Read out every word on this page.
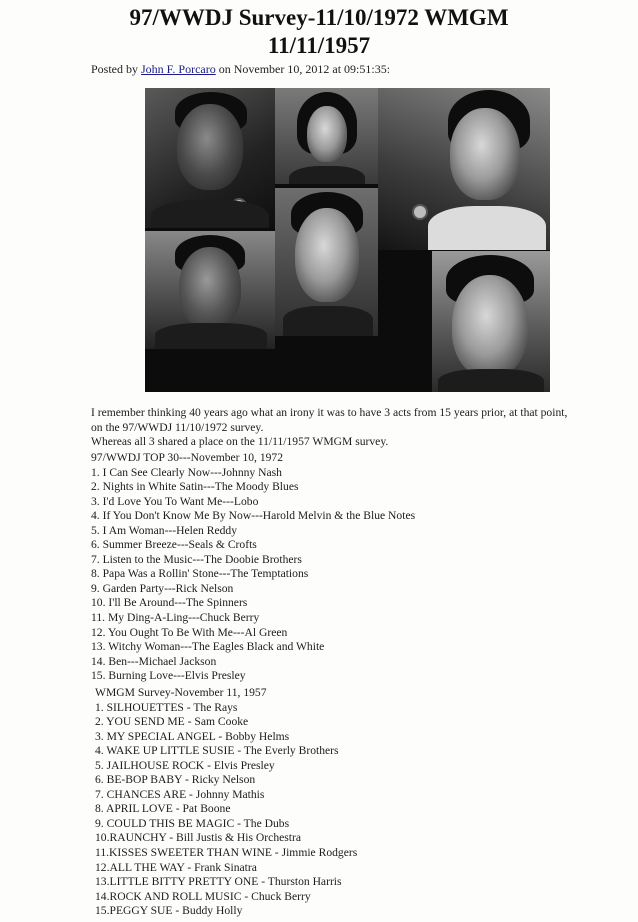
97/WWDJ Survey-11/10/1972 WMGM
11/11/1957
Posted by John F. Porcaro on November 10, 2012 at 09:51:35:
I remember thinking 40 years ago what an irony it was to have 3 acts from 15 years prior, at that point,
on the 97/WWDJ 11/10/1972 survey.
Whereas all 3 shared a place on the 11/11/1957 WMGM survey.
97/WWDJ TOP 30---November 10, 1972
1. I Can See Clearly Now---Johnny Nash
2. Nights in White Satin---The Moody Blues
3. I'd Love You To Want Me---Lobo
4. If You Don't Know Me By Now---Harold Melvin & the Blue Notes
5. I Am Woman---Helen Reddy
6. Summer Breeze---Seals & Crofts
7. Listen to the Music---The Doobie Brothers
8. Papa Was a Rollin' Stone---The Temptations
9. Garden Party---Rick Nelson
10. I'll Be Around---The Spinners
11. My Ding-A-Ling---Chuck Berry
12. You Ought To Be With Me---Al Green
13. Witchy Woman---The Eagles Black and White
14. Ben---Michael Jackson
15. Burning Love---Elvis Presley
WMGM Survey-November 11, 1957
1. SILHOUETTES - The Rays
2. YOU SEND ME - Sam Cooke
3. MY SPECIAL ANGEL - Bobby Helms
4. WAKE UP LITTLE SUSIE - The Everly Brothers
5. JAILHOUSE ROCK - Elvis Presley
6. BE-BOP BABY - Ricky Nelson
7. CHANCES ARE - Johnny Mathis
8. APRIL LOVE - Pat Boone
9. COULD THIS BE MAGIC - The Dubs
10.RAUNCHY - Bill Justis & His Orchestra
11.KISSES SWEETER THAN WINE - Jimmie Rodgers
12.ALL THE WAY - Frank Sinatra
13.LITTLE BITTY PRETTY ONE - Thurston Harris
14.ROCK AND ROLL MUSIC - Chuck Berry
15.PEGGY SUE - Buddy Holly
